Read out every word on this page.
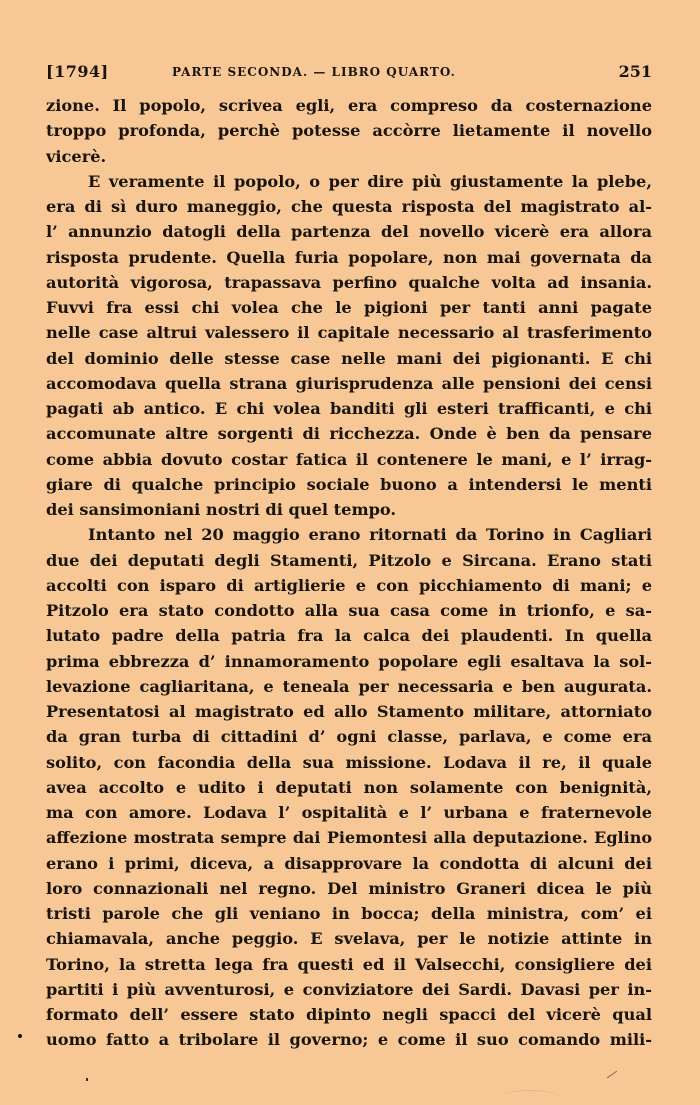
[1794]	PARTE SECONDA. — LIBRO QUARTO.	251
zione. Il popolo, scrivea egli, era compreso da costernazione
troppo profonda, perchè potesse accòrre lietamente il novello
vicerè.
E veramente il popolo, o per dire più giustamente la plebe,
era di sì duro maneggio, che questa risposta del magistrato al-
l’ annunzio datogli della partenza del novello vicerè era allora
risposta prudente. Quella furia popolare, non mai governata da
autorità vigorosa, trapassava perfino qualche volta ad insania.
Fuvvi fra essi chi volea che le pigioni per tanti anni pagate
nelle case altrui valessero il capitale necessario al trasferimento
del dominio delle stesse case nelle mani dei pigionanti. E chi
accomodava quella strana giurisprudenza alle pensioni dei censi
pagati ab antico. E chi volea banditi gli esteri trafficanti, e chi
accomunate altre sorgenti di ricchezza. Onde è ben da pensare
come abbia dovuto costar fatica il contenere le mani, e l’ irrag-
giare di qualche principio sociale buono a intendersi le menti
dei sansimoniani nostri di quel tempo.
Intanto nel 20 maggio erano ritornati da Torino in Cagliari
due dei deputati degli Stamenti, Pitzolo e Sircana. Erano stati
accolti con isparo di artiglierie e con picchiamento di mani; e
Pitzolo era stato condotto alla sua casa come in trionfo, e sa-
lutato padre della patria fra la calca dei plaudenti. In quella
prima ebbrezza d’ innamoramento popolare egli esaltava la sol-
levazione cagliaritana, e teneala per necessaria e ben augurata.
Presentatosi al magistrato ed allo Stamento militare, attorniato
da gran turba di cittadini d’ ogni classe, parlava, e come era
solito, con facondia della sua missione. Lodava il re, il quale
avea accolto e udito i deputati non solamente con benignità,
ma con amore. Lodava l’ ospitalità e l’ urbana e fraternevole
affezione mostrata sempre dai Piemontesi alla deputazione. Eglino
erano i primi, diceva, a disapprovare la condotta di alcuni dei
loro connazionali nel regno. Del ministro Graneri dicea le più
tristi parole che gli veniano in bocca; della ministra, com’ ei
chiamavala, anche peggio. E svelava, per le notizie attinte in
Torino, la stretta lega fra questi ed il Valsecchi, consigliere dei
partiti i più avventurosi, e conviziatore dei Sardi. Davasi per in-
formato dell’ essere stato dipinto negli spacci del vicerè qual
uomo fatto a tribolare il governo; e come il suo comando mili-
